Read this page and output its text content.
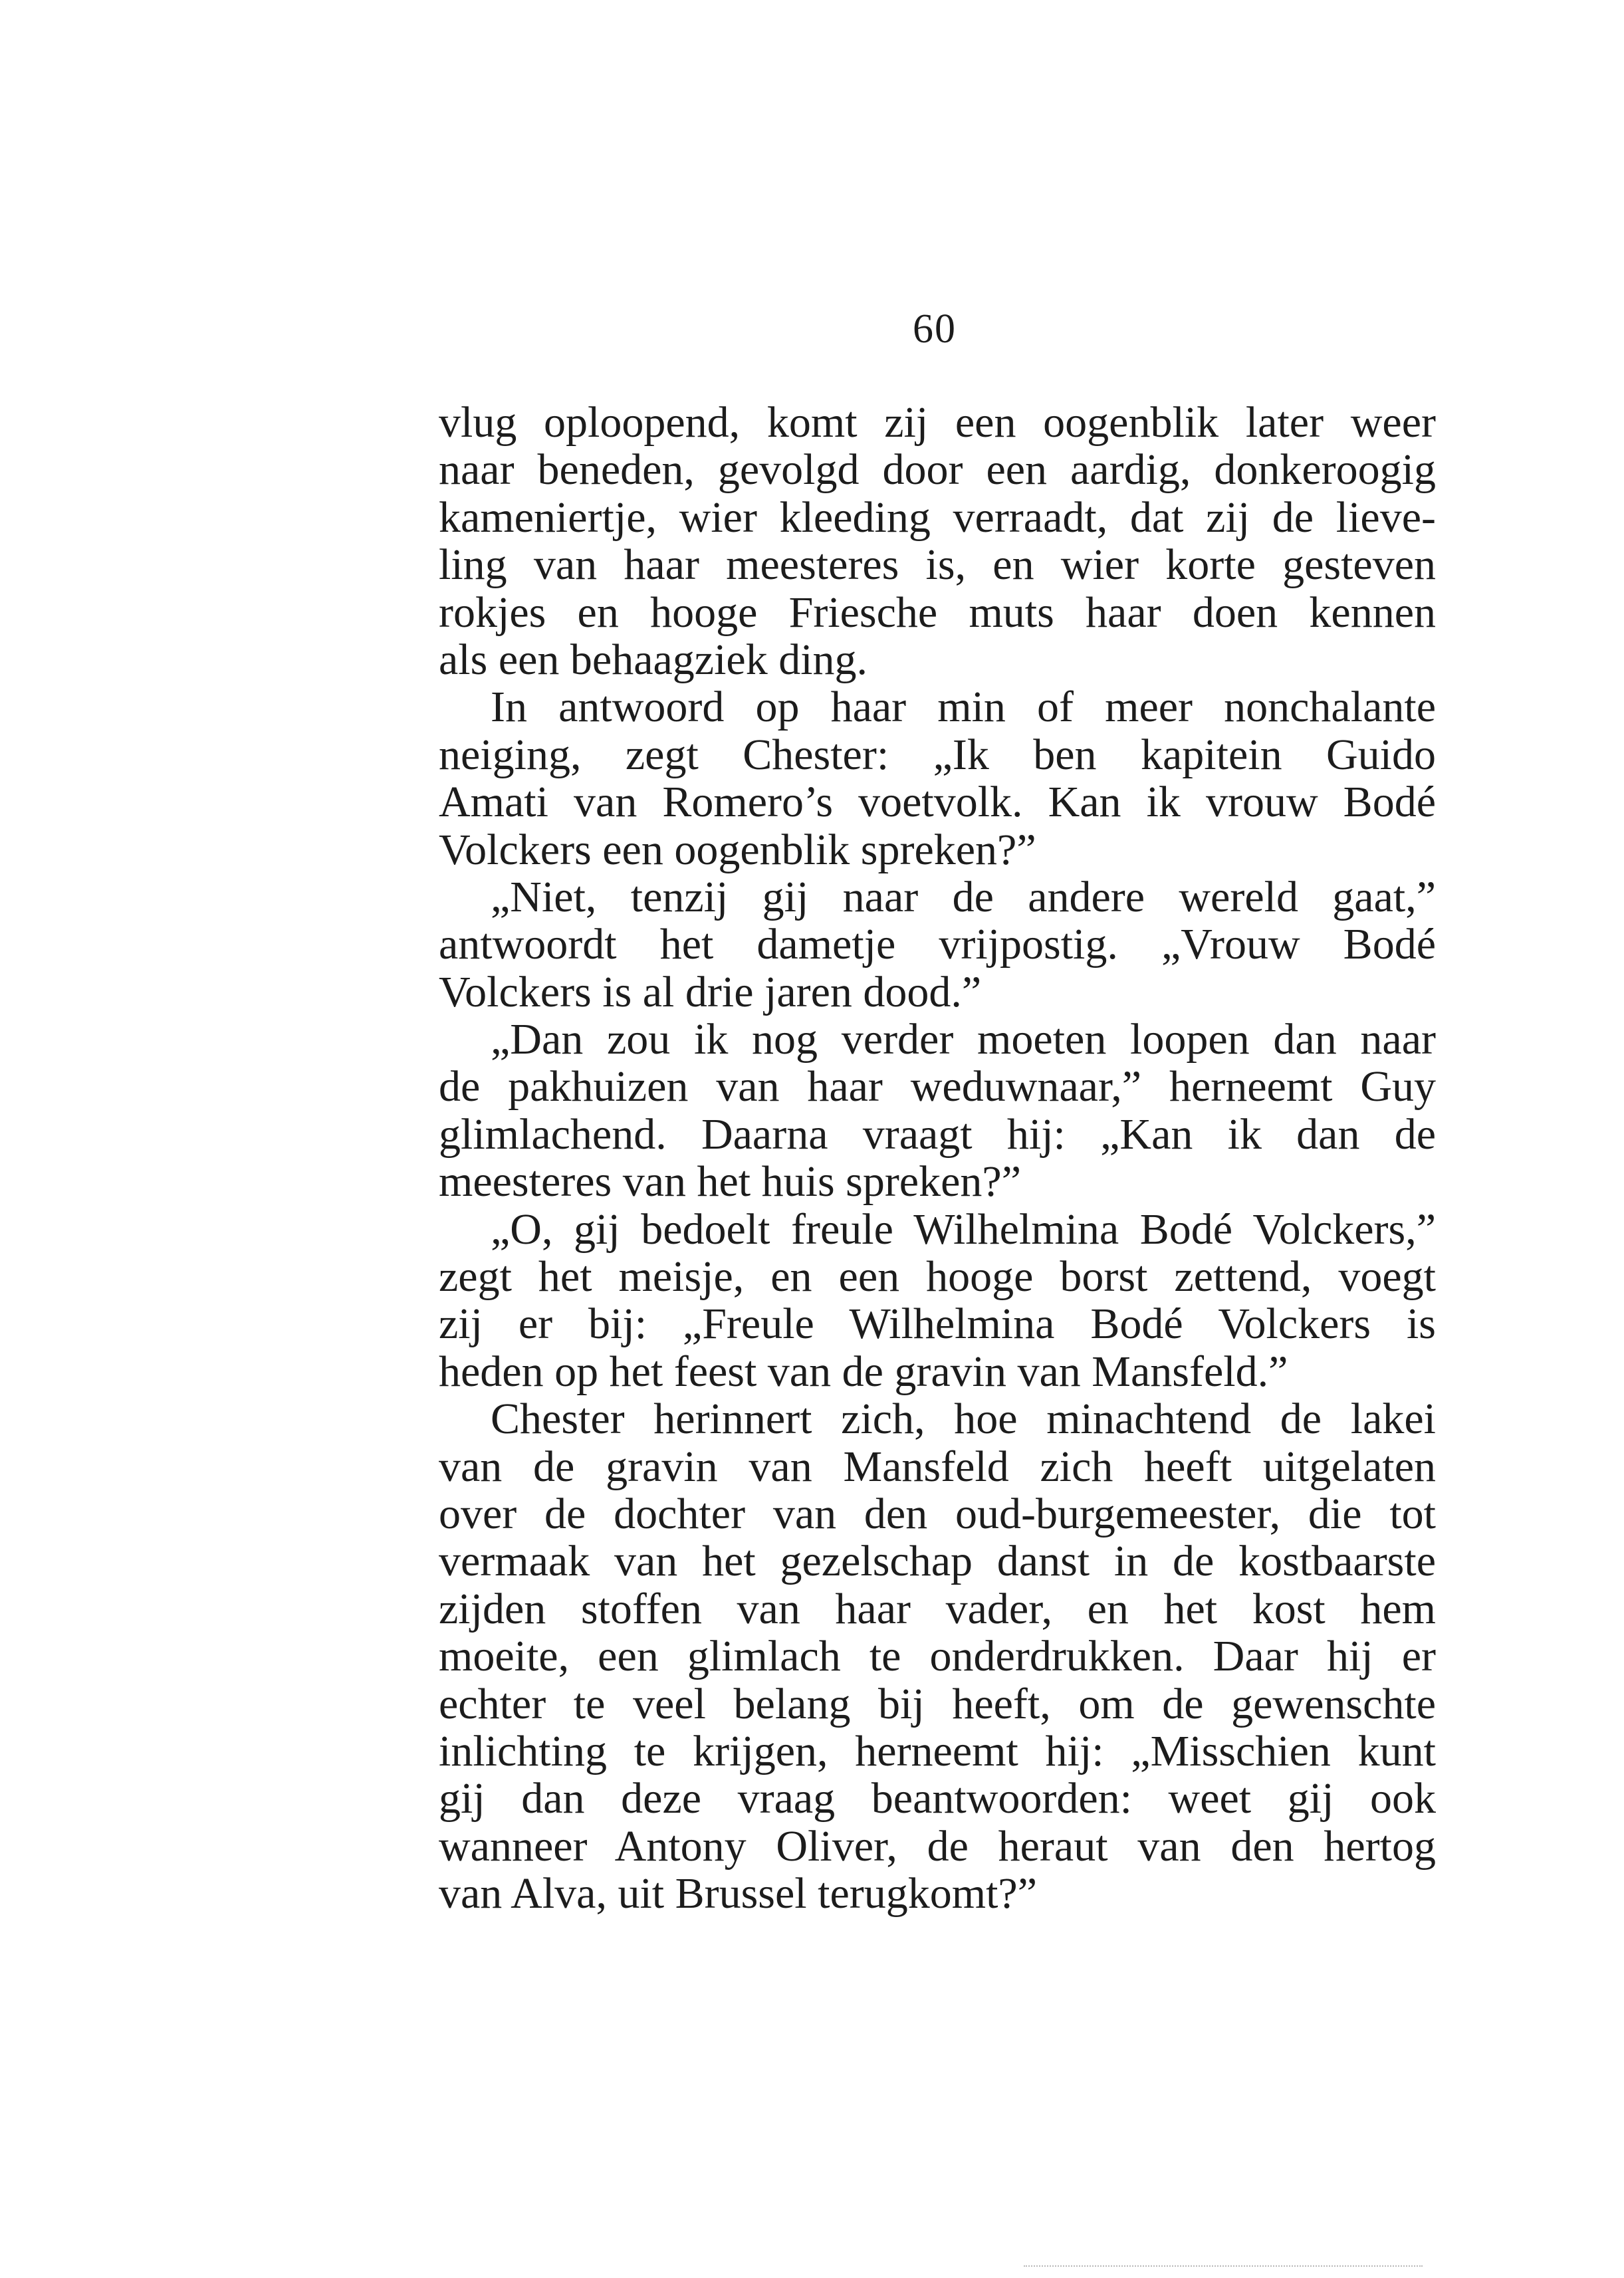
60
vlug oploopend, komt zij een oogenblik later weer
naar beneden, gevolgd door een aardig, donkeroogig
kameniertje, wier kleeding verraadt, dat zij de lieve-
ling van haar meesteres is, en wier korte gesteven
rokjes en hooge Friesche muts haar doen kennen
als een behaagziek ding.
In antwoord op haar min of meer nonchalante
neiging, zegt Chester: „Ik ben kapitein Guido
Amati van Romero’s voetvolk. Kan ik vrouw Bodé
Volckers een oogenblik spreken?”
„Niet, tenzij gij naar de andere wereld gaat,”
antwoordt het dametje vrijpostig. „Vrouw Bodé
Volckers is al drie jaren dood.”
„Dan zou ik nog verder moeten loopen dan naar
de pakhuizen van haar weduwnaar,” herneemt Guy
glimlachend. Daarna vraagt hij: „Kan ik dan de
meesteres van het huis spreken?”
„O, gij bedoelt freule Wilhelmina Bodé Volckers,”
zegt het meisje, en een hooge borst zettend, voegt
zij er bij: „Freule Wilhelmina Bodé Volckers is
heden op het feest van de gravin van Mansfeld.”
Chester herinnert zich, hoe minachtend de lakei
van de gravin van Mansfeld zich heeft uitgelaten
over de dochter van den oud-burgemeester, die tot
vermaak van het gezelschap danst in de kostbaarste
zijden stoffen van haar vader, en het kost hem
moeite, een glimlach te onderdrukken. Daar hij er
echter te veel belang bij heeft, om de gewenschte
inlichting te krijgen, herneemt hij: „Misschien kunt
gij dan deze vraag beantwoorden: weet gij ook
wanneer Antony Oliver, de heraut van den hertog
van Alva, uit Brussel terugkomt?”
